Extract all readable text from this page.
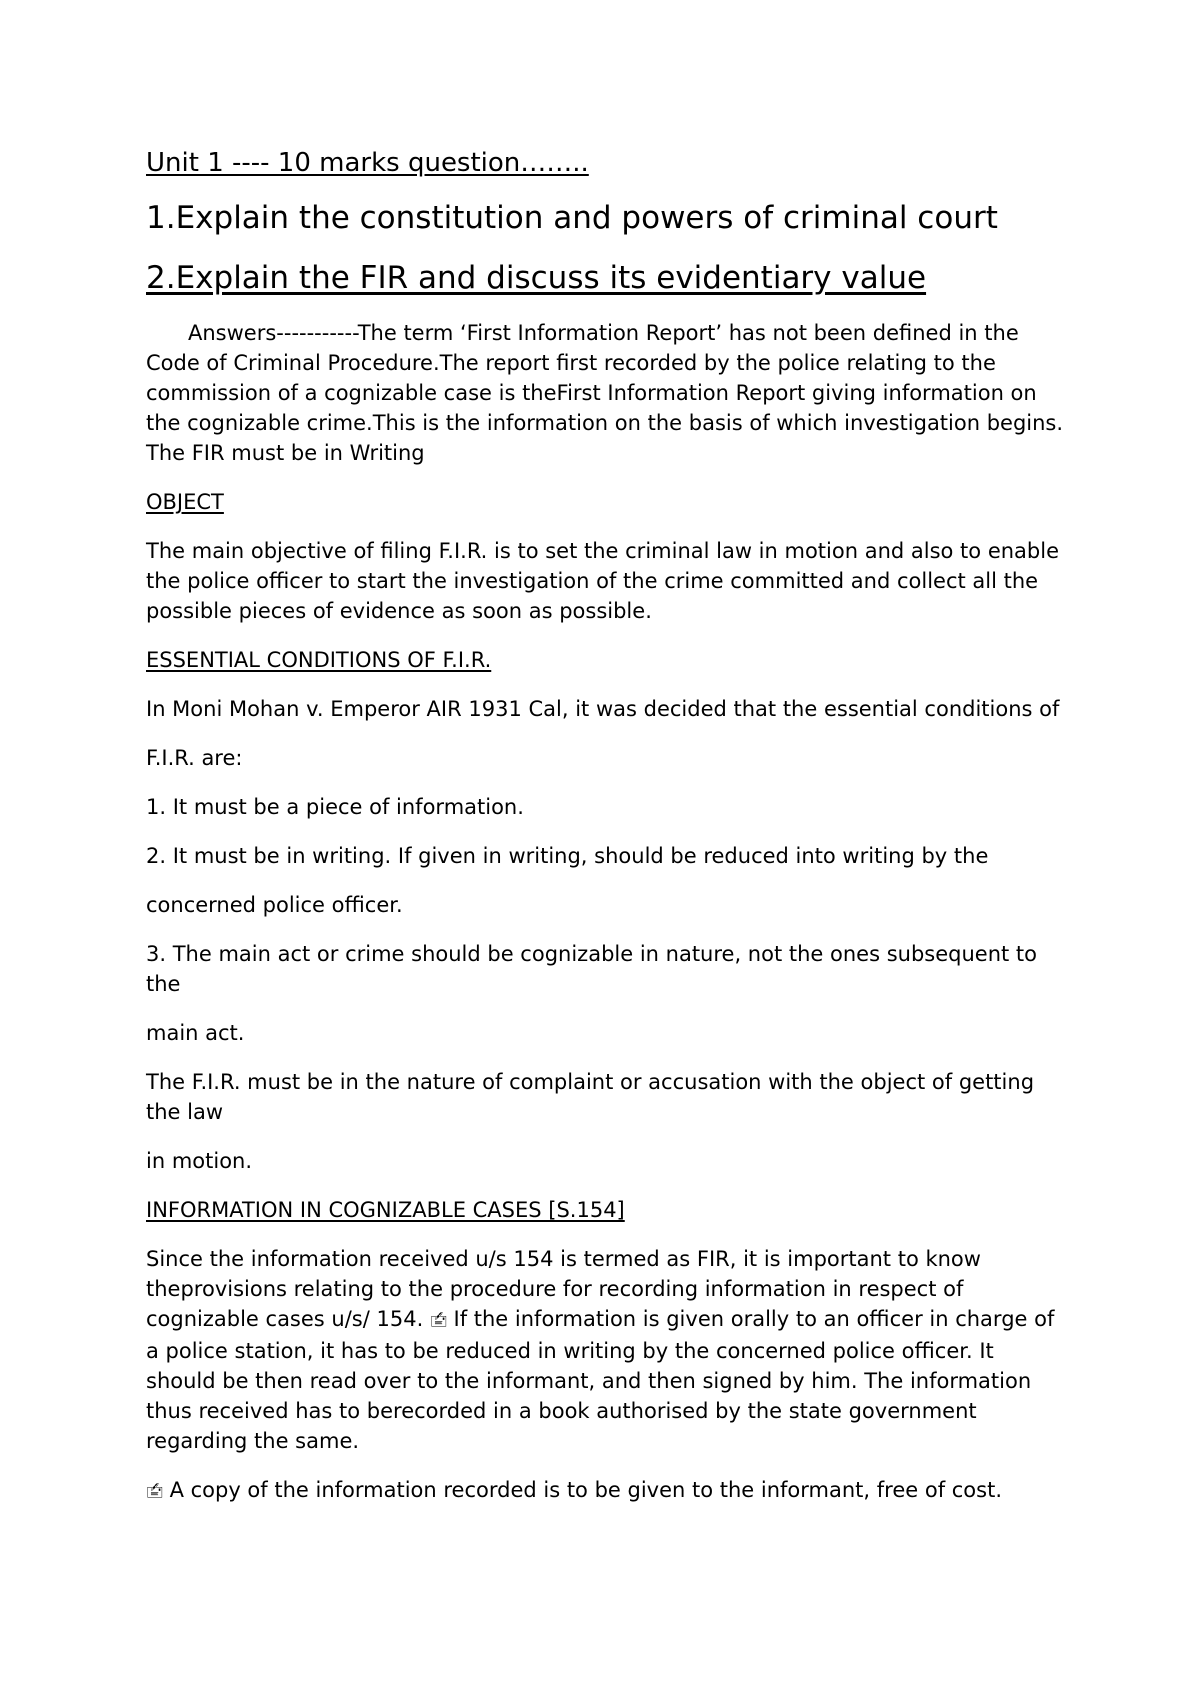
Unit 1 ---- 10 marks question……..
1.Explain the constitution and powers of criminal court
2.Explain the FIR and discuss its evidentiary value

Answers-----------The term ‘First Information Report’ has not been defined in the Code of Criminal Procedure.The report first recorded by the police relating to the commission of a cognizable case is theFirst Information Report giving information on the cognizable crime.This is the information on the basis of which investigation begins. The FIR must be in Writing

OBJECT

The main objective of filing F.I.R. is to set the criminal law in motion and also to enable the police officer to start the investigation of the crime committed and collect all the possible pieces of evidence as soon as possible.

ESSENTIAL CONDITIONS OF F.I.R.

In Moni Mohan v. Emperor AIR 1931 Cal, it was decided that the essential conditions of

F.I.R. are:

1. It must be a piece of information.

2. It must be in writing. If given in writing, should be reduced into writing by the

concerned police officer.

3. The main act or crime should be cognizable in nature, not the ones subsequent to the

main act.

The F.I.R. must be in the nature of complaint or accusation with the object of getting the law

in motion.

INFORMATION IN COGNIZABLE CASES [S.154]

Since the information received u/s 154 is termed as FIR, it is important to know theprovisions relating to the procedure for recording information in respect of cognizable cases u/s/ 154. 🖆 If the information is given orally to an officer in charge of a police station, it has to be reduced in writing by the concerned police officer. It should be then read over to the informant, and then signed by him. The information thus received has to berecorded in a book authorised by the state government regarding the same.

🖆 A copy of the information recorded is to be given to the informant, free of cost.
